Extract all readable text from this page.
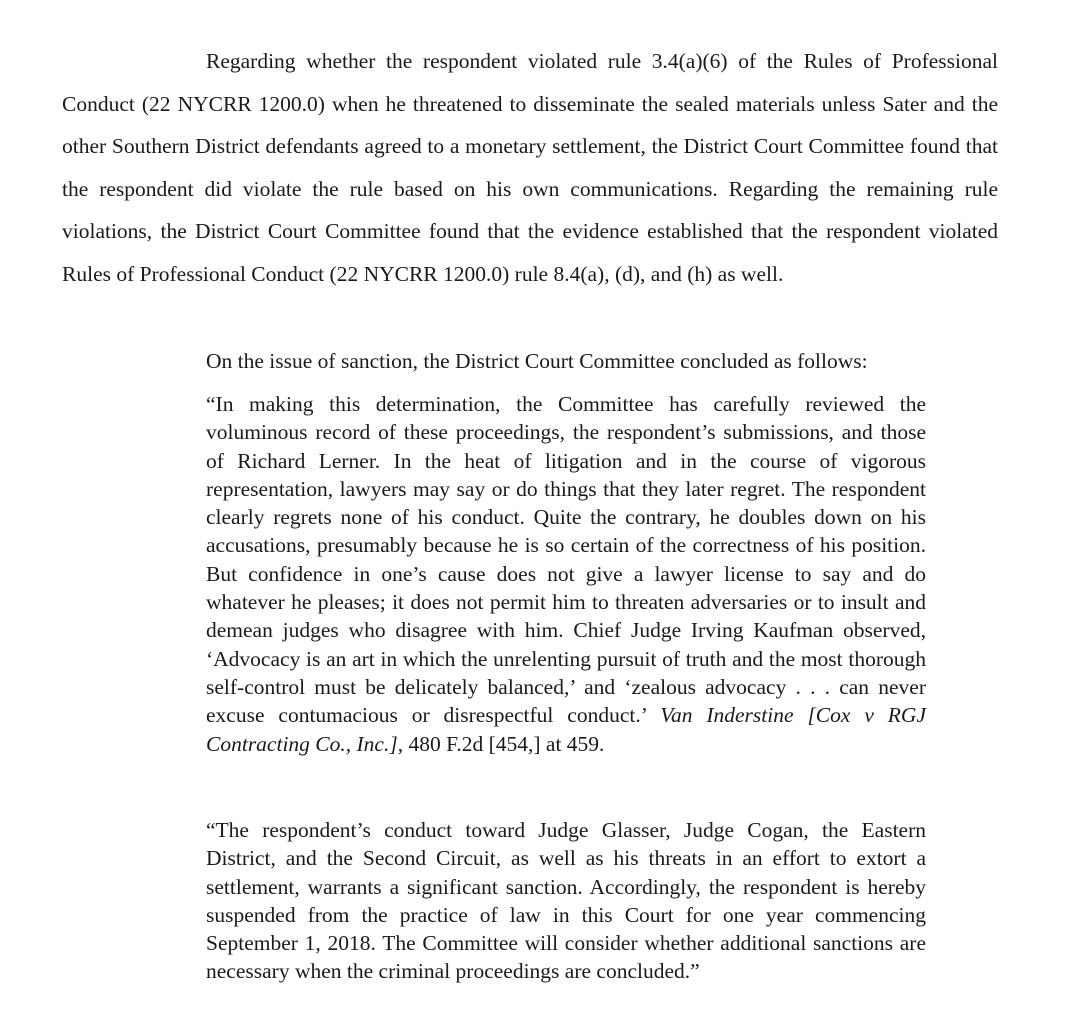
Regarding whether the respondent violated rule 3.4(a)(6) of the Rules of Professional Conduct (22 NYCRR 1200.0) when he threatened to disseminate the sealed materials unless Sater and the other Southern District defendants agreed to a monetary settlement, the District Court Committee found that the respondent did violate the rule based on his own communications. Regarding the remaining rule violations, the District Court Committee found that the evidence established that the respondent violated Rules of Professional Conduct (22 NYCRR 1200.0) rule 8.4(a), (d), and (h) as well.

On the issue of sanction, the District Court Committee concluded as follows:

“In making this determination, the Committee has carefully reviewed the voluminous record of these proceedings, the respondent’s submissions, and those of Richard Lerner. In the heat of litigation and in the course of vigorous representation, lawyers may say or do things that they later regret. The respondent clearly regrets none of his conduct. Quite the contrary, he doubles down on his accusations, presumably because he is so certain of the correctness of his position. But confidence in one’s cause does not give a lawyer license to say and do whatever he pleases; it does not permit him to threaten adversaries or to insult and demean judges who disagree with him. Chief Judge Irving Kaufman observed, ‘Advocacy is an art in which the unrelenting pursuit of truth and the most thorough self-control must be delicately balanced,’ and ‘zealous advocacy . . . can never excuse contumacious or disrespectful conduct.’ Van Inderstine [Cox v RGJ Contracting Co., Inc.], 480 F.2d [454,] at 459.
“The respondent’s conduct toward Judge Glasser, Judge Cogan, the Eastern District, and the Second Circuit, as well as his threats in an effort to extort a settlement, warrants a significant sanction. Accordingly, the respondent is hereby suspended from the practice of law in this Court for one year commencing September 1, 2018. The Committee will consider whether additional sanctions are necessary when the criminal proceedings are concluded.”
